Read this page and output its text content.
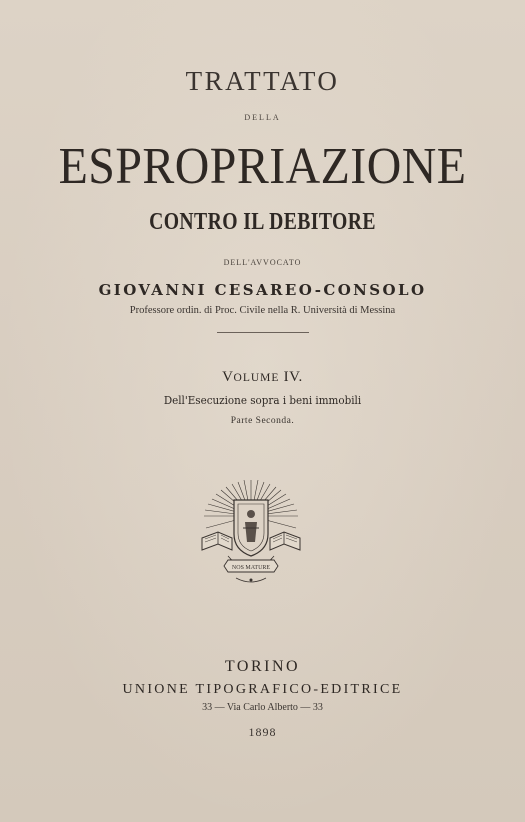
TRATTATO
DELLA
ESPROPRIAZIONE
CONTRO IL DEBITORE
DELL'AVVOCATO
GIOVANNI CESAREO-CONSOLO
Professore ordin. di Proc. Civile nella R. Università di Messina
VOLUME IV.
Dell'Esecuzione sopra i beni immobili
Parte Seconda.
NOS MATURE
TORINO
UNIONE TIPOGRAFICO-EDITRICE
33 — Via Carlo Alberto — 33
1898
